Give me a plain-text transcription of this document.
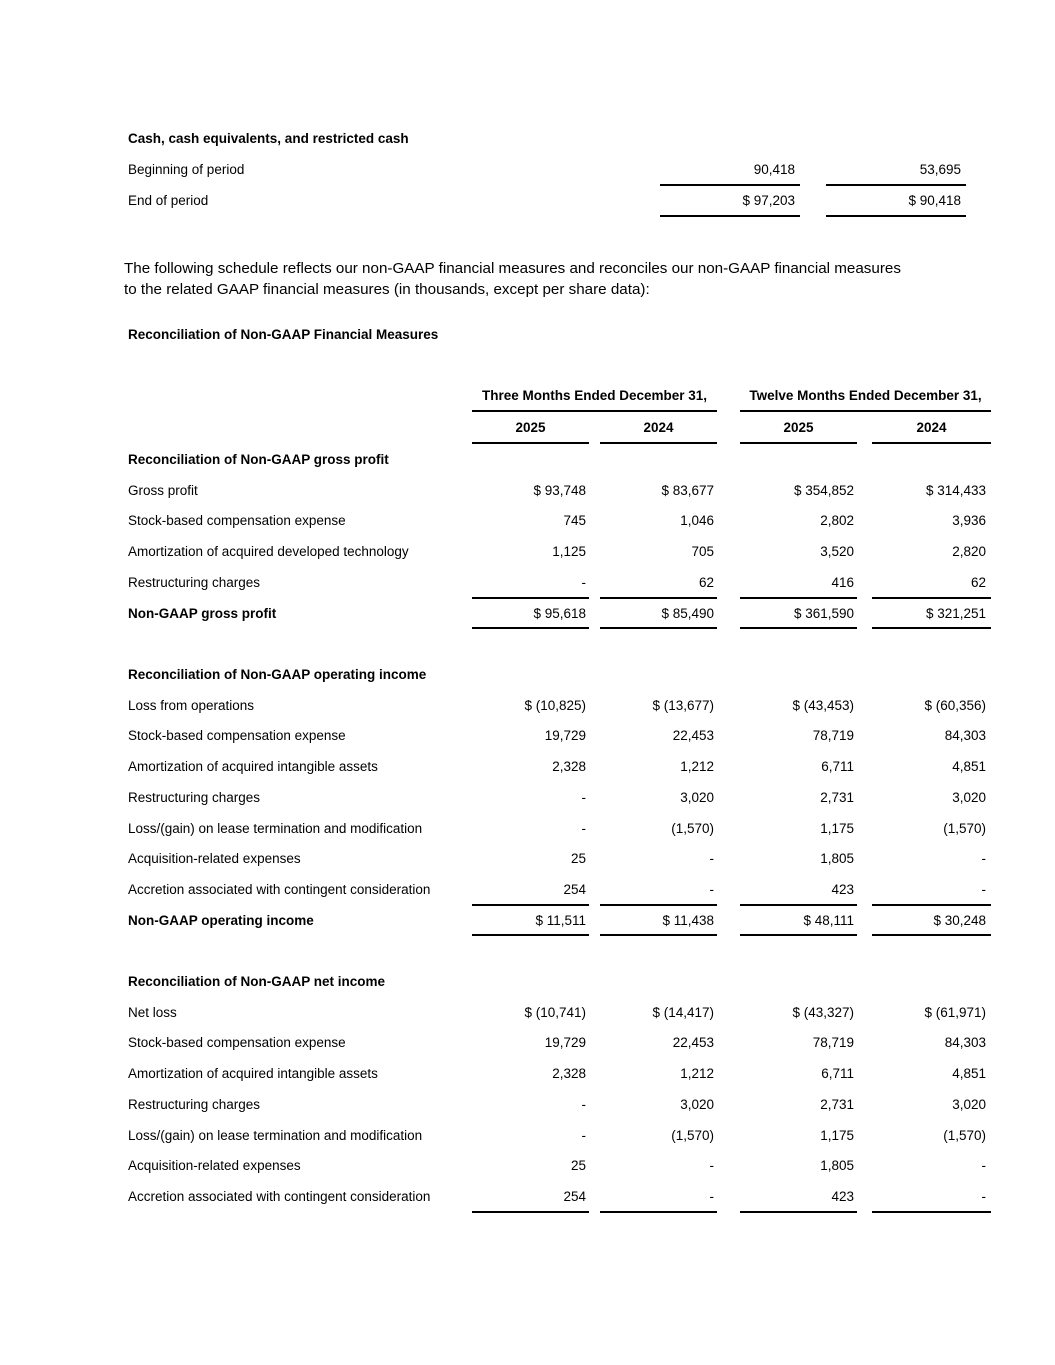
Cash, cash equivalents, and restricted cash
Beginning of period	90,418	53,695
End of period	$ 97,203	$ 90,418
The following schedule reflects our non-GAAP financial measures and reconciles our non-GAAP financial measures
to the related GAAP financial measures (in thousands, except per share data):
Reconciliation of Non-GAAP Financial Measures
Three Months Ended December 31,	Twelve Months Ended December 31,
2025	2024	2025	2024
Reconciliation of Non-GAAP gross profit
Gross profit	$ 93,748	$ 83,677	$ 354,852	$ 314,433
Stock-based compensation expense	745	1,046	2,802	3,936
Amortization of acquired developed technology	1,125	705	3,520	2,820
Restructuring charges	-	62	416	62
Non-GAAP gross profit	$ 95,618	$ 85,490	$ 361,590	$ 321,251
Reconciliation of Non-GAAP operating income
Loss from operations	$ (10,825)	$ (13,677)	$ (43,453)	$ (60,356)
Stock-based compensation expense	19,729	22,453	78,719	84,303
Amortization of acquired intangible assets	2,328	1,212	6,711	4,851
Restructuring charges	-	3,020	2,731	3,020
Loss/(gain) on lease termination and modification	-	(1,570)	1,175	(1,570)
Acquisition-related expenses	25	-	1,805	-
Accretion associated with contingent consideration	254	-	423	-
Non-GAAP operating income	$ 11,511	$ 11,438	$ 48,111	$ 30,248
Reconciliation of Non-GAAP net income
Net loss	$ (10,741)	$ (14,417)	$ (43,327)	$ (61,971)
Stock-based compensation expense	19,729	22,453	78,719	84,303
Amortization of acquired intangible assets	2,328	1,212	6,711	4,851
Restructuring charges	-	3,020	2,731	3,020
Loss/(gain) on lease termination and modification	-	(1,570)	1,175	(1,570)
Acquisition-related expenses	25	-	1,805	-
Accretion associated with contingent consideration	254	-	423	-
